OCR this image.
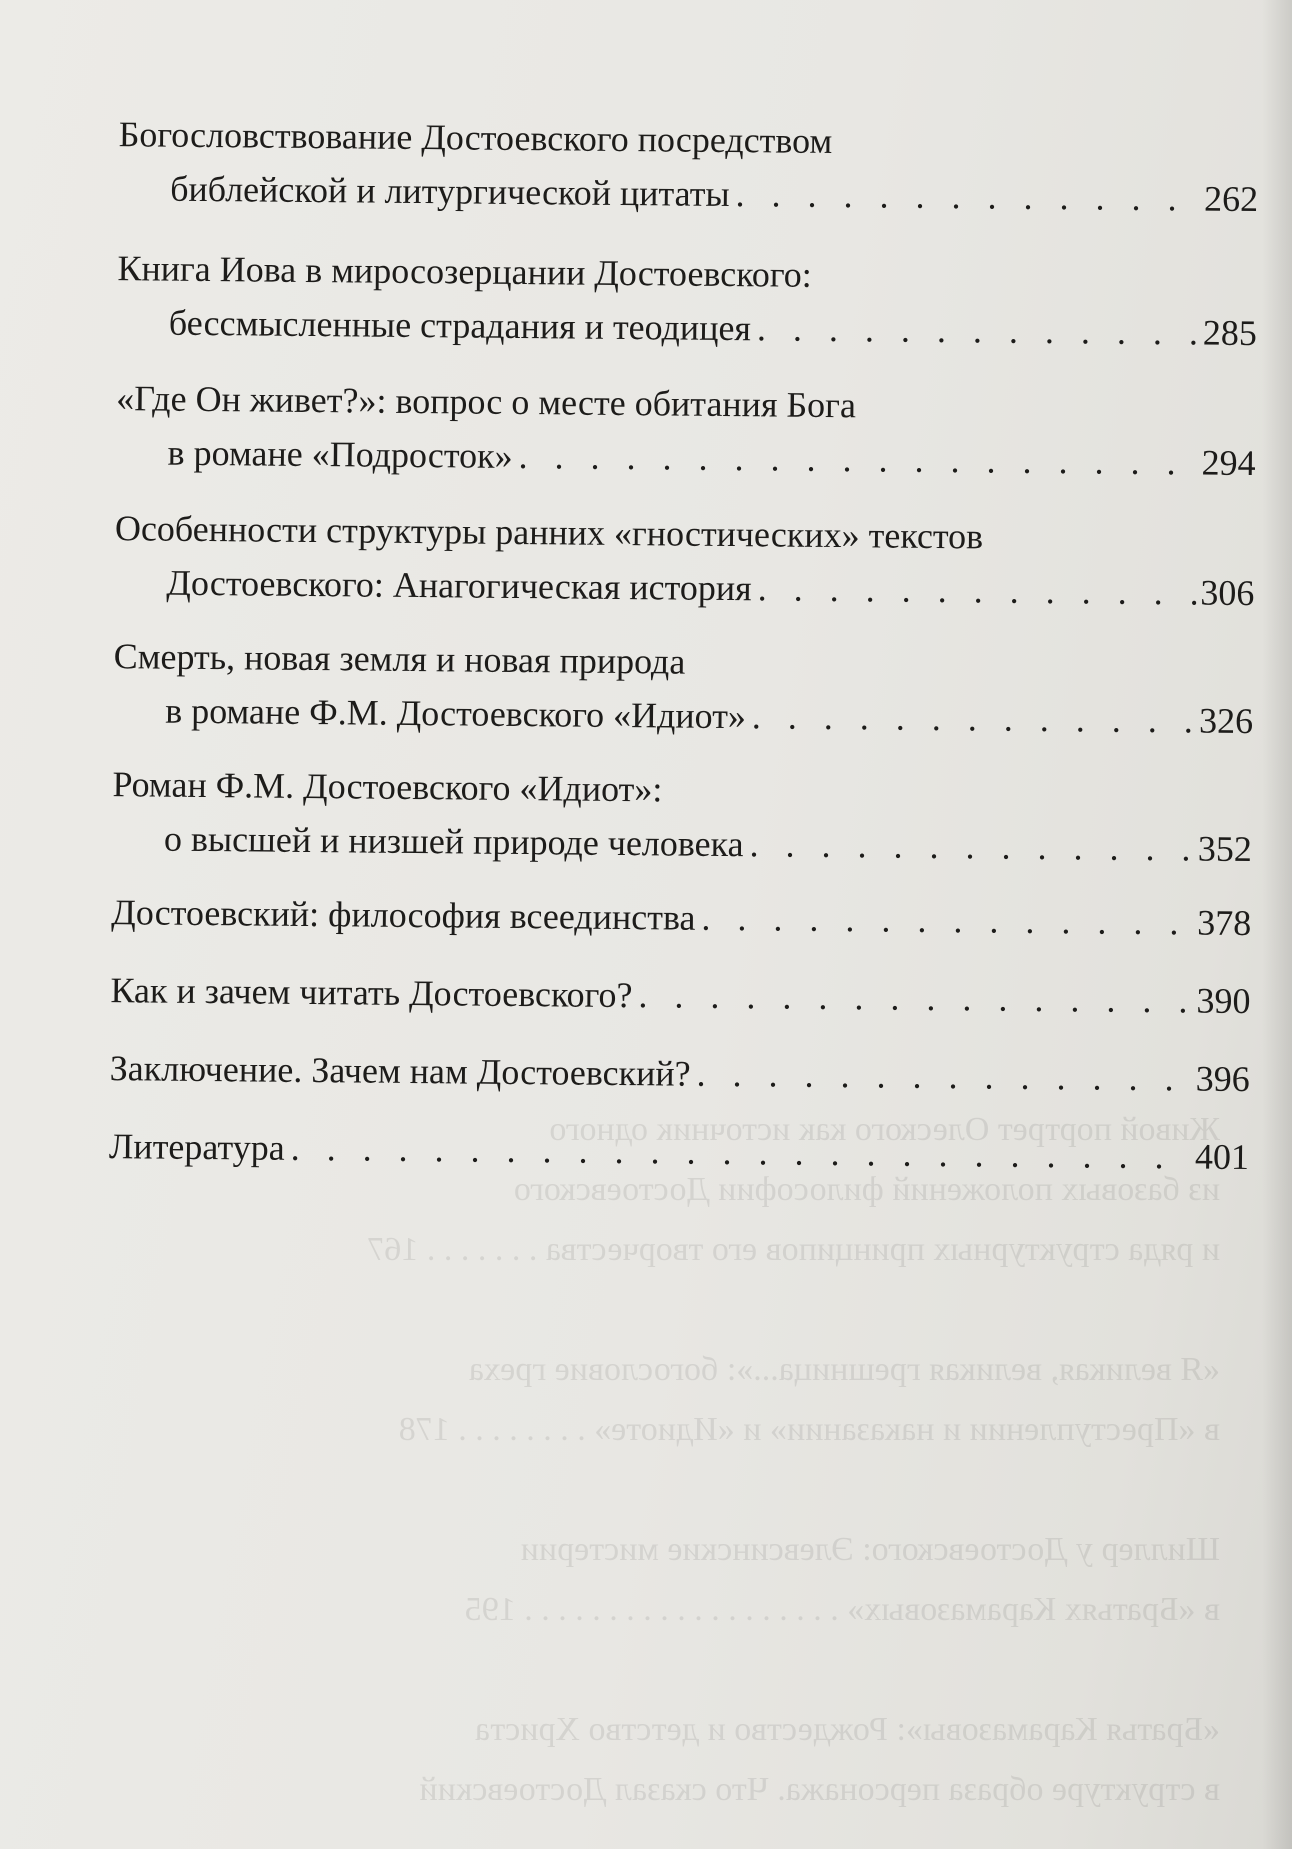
Живой портрет Олеского как источник одного
из базовых положений философии Достоевского
и ряда структурных принципов его творчества . . . . . . . 167

«Я великая, великая грешница...»: богословие греха
в «Преступлении и наказании» и «Идиоте» . . . . . . . . 178

Шиллер у Достоевского: Элевсинские мистерии
в «Братьях Карамазовых» . . . . . . . . . . . . . . . . . . . 195

«Братья Карамазовы»: Рождество и детство Христа
в структуре образа персонажа. Что сказал Достоевский
Богословствование Достоевского посредством
библейской и литургической цитаты . . .	262
Книга Иова в миросозерцании Достоевского:
бессмысленные страдания и теодицея . . .	285
«Где Он живет?»: вопрос о месте обитания Бога
в романе «Подросток» . . .	294
Особенности структуры ранних «гностических» текстов
Достоевского: Анагогическая история . . .	306
Смерть, новая земля и новая природа
в романе Ф.М. Достоевского «Идиот» . . .	326
Роман Ф.М. Достоевского «Идиот»:
о высшей и низшей природе человека . . .	352
Достоевский: философия всеединства . . .	378
Как и зачем читать Достоевского? . . .	390
Заключение. Зачем нам Достоевский? . . .	396
Литература . . .	401
